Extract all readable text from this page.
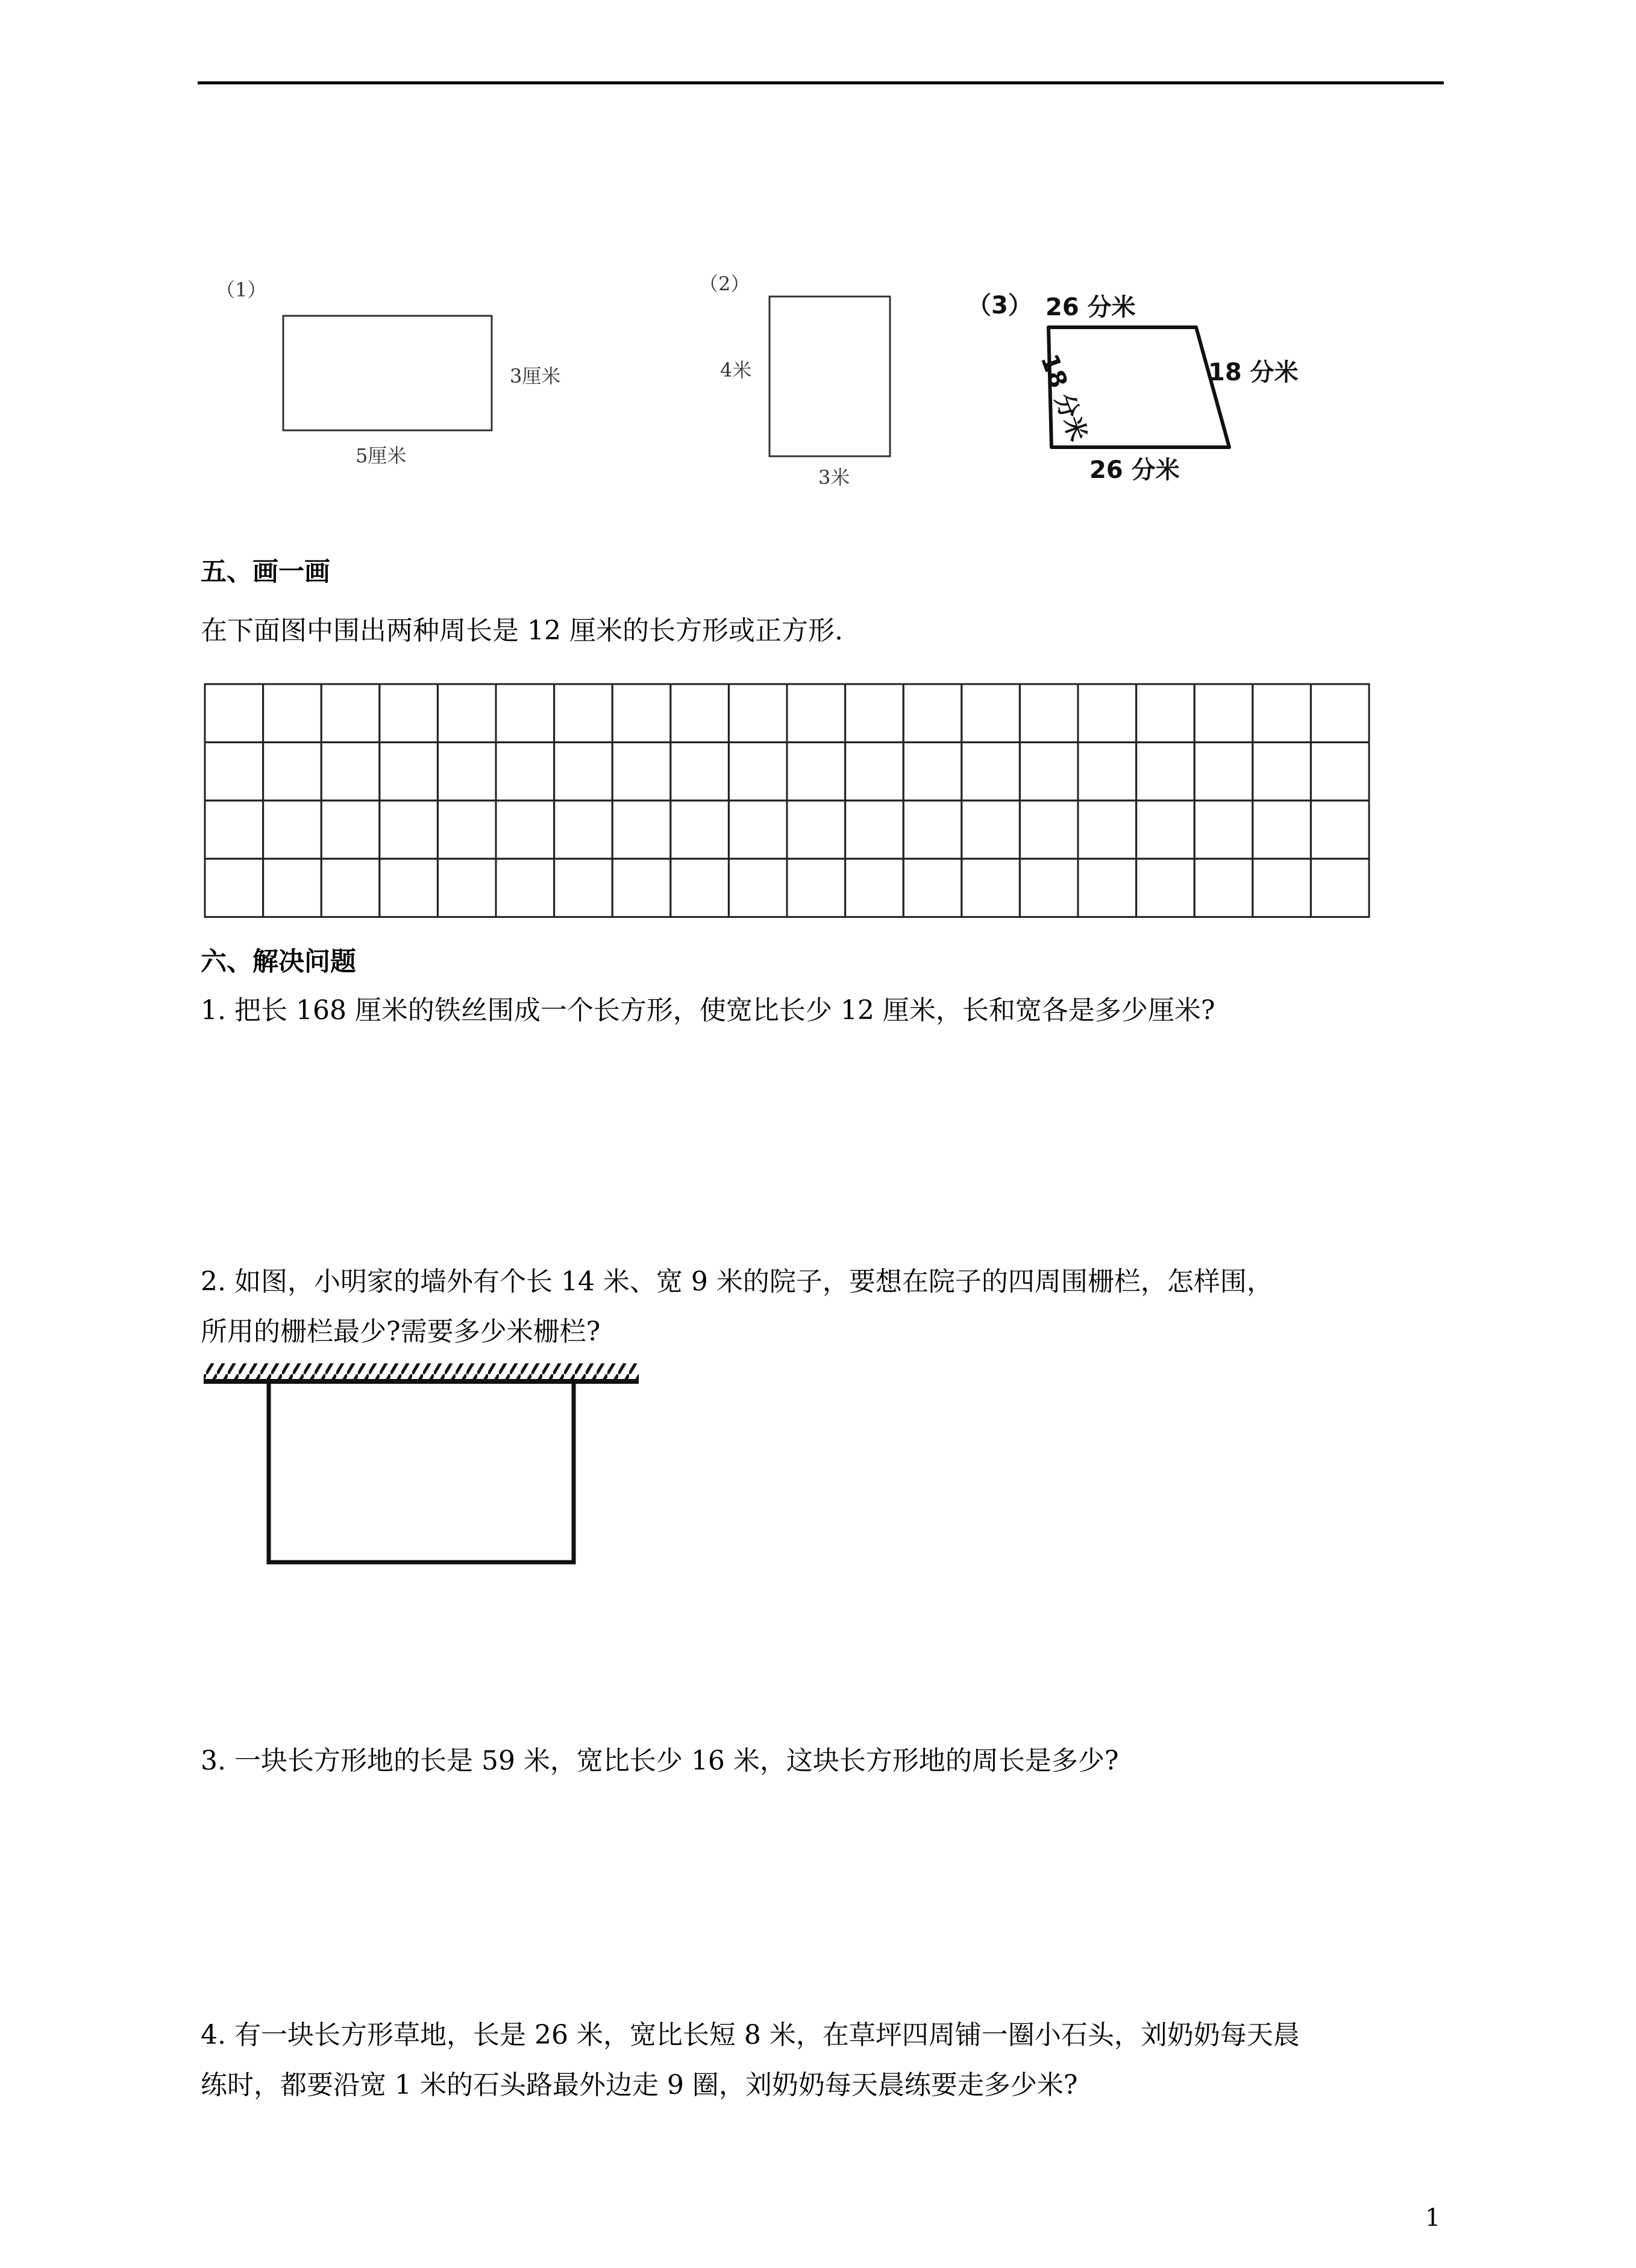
（1）
3厘米
5厘米
（2）
4米
3米
（3） 26 分米
18 分米
18 分米
26 分米
五、画一画
在下面图中围出两种周长是 12 厘米的长方形或正方形.
六、解决问题
1. 把长 168 厘米的铁丝围成一个长方形，使宽比长少 12 厘米，长和宽各是多少厘米?
2. 如图，小明家的墙外有个长 14 米、宽 9 米的院子，要想在院子的四周围栅栏，怎样围，
所用的栅栏最少?需要多少米栅栏?
3. 一块长方形地的长是 59 米，宽比长少 16 米，这块长方形地的周长是多少?
4. 有一块长方形草地，长是 26 米，宽比长短 8 米，在草坪四周铺一圈小石头，刘奶奶每天晨
练时，都要沿宽 1 米的石头路最外边走 9 圈，刘奶奶每天晨练要走多少米?
1
